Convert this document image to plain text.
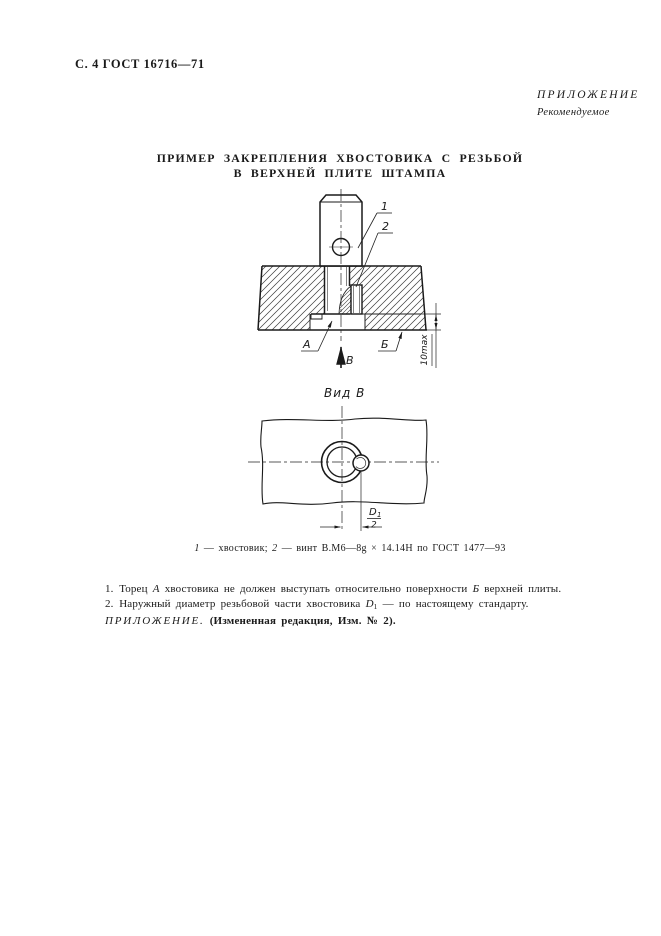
С. 4 ГОСТ 16716—71
ПРИЛОЖЕНИЕ
Рекомендуемое
ПРИМЕР ЗАКРЕПЛЕНИЯ ХВОСТОВИКА С РЕЗЬБОЙ
В ВЕРХНЕЙ ПЛИТЕ ШТАМПА
1
2
А	Б
В	10max
Вид В
D 1
2
1 — хвостовик; 2 — винт В.М6—8g × 14.14Н по ГОСТ 1477—93
1. Торец А хвостовика не должен выступать относительно поверхности Б верхней плиты.
2. Наружный диаметр резьбовой части хвостовика $D_1$ — по настоящему стандарту.
ПРИЛОЖЕНИЕ. (Измененная редакция, Изм. № 2).
